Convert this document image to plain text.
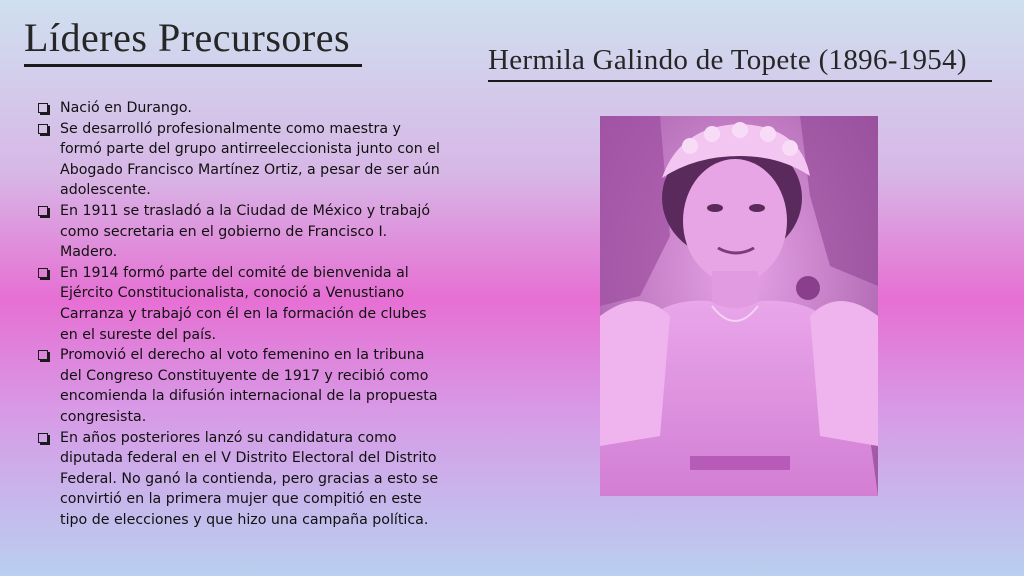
Líderes Precursores	Hermila Galindo de Topete (1896-1954)
Nació en Durango.
Se desarrolló profesionalmente como maestra y formó parte del grupo antirreeleccionista junto con el Abogado Francisco Martínez Ortiz, a pesar de ser aún adolescente.
En 1911 se trasladó a la Ciudad de México y trabajó como secretaria en el gobierno de Francisco I. Madero.
En 1914 formó parte del comité de bienvenida al Ejército Constitucionalista, conoció a Venustiano Carranza y trabajó con él en la formación de clubes en el sureste del país.
Promovió el derecho al voto femenino en la tribuna del Congreso Constituyente de 1917 y recibió como encomienda la difusión internacional de la propuesta congresista.
En años posteriores lanzó su candidatura como diputada federal en el V Distrito Electoral del Distrito Federal. No ganó la contienda, pero gracias a esto se convirtió en la primera mujer que compitió en este tipo de elecciones y que hizo una campaña política.
